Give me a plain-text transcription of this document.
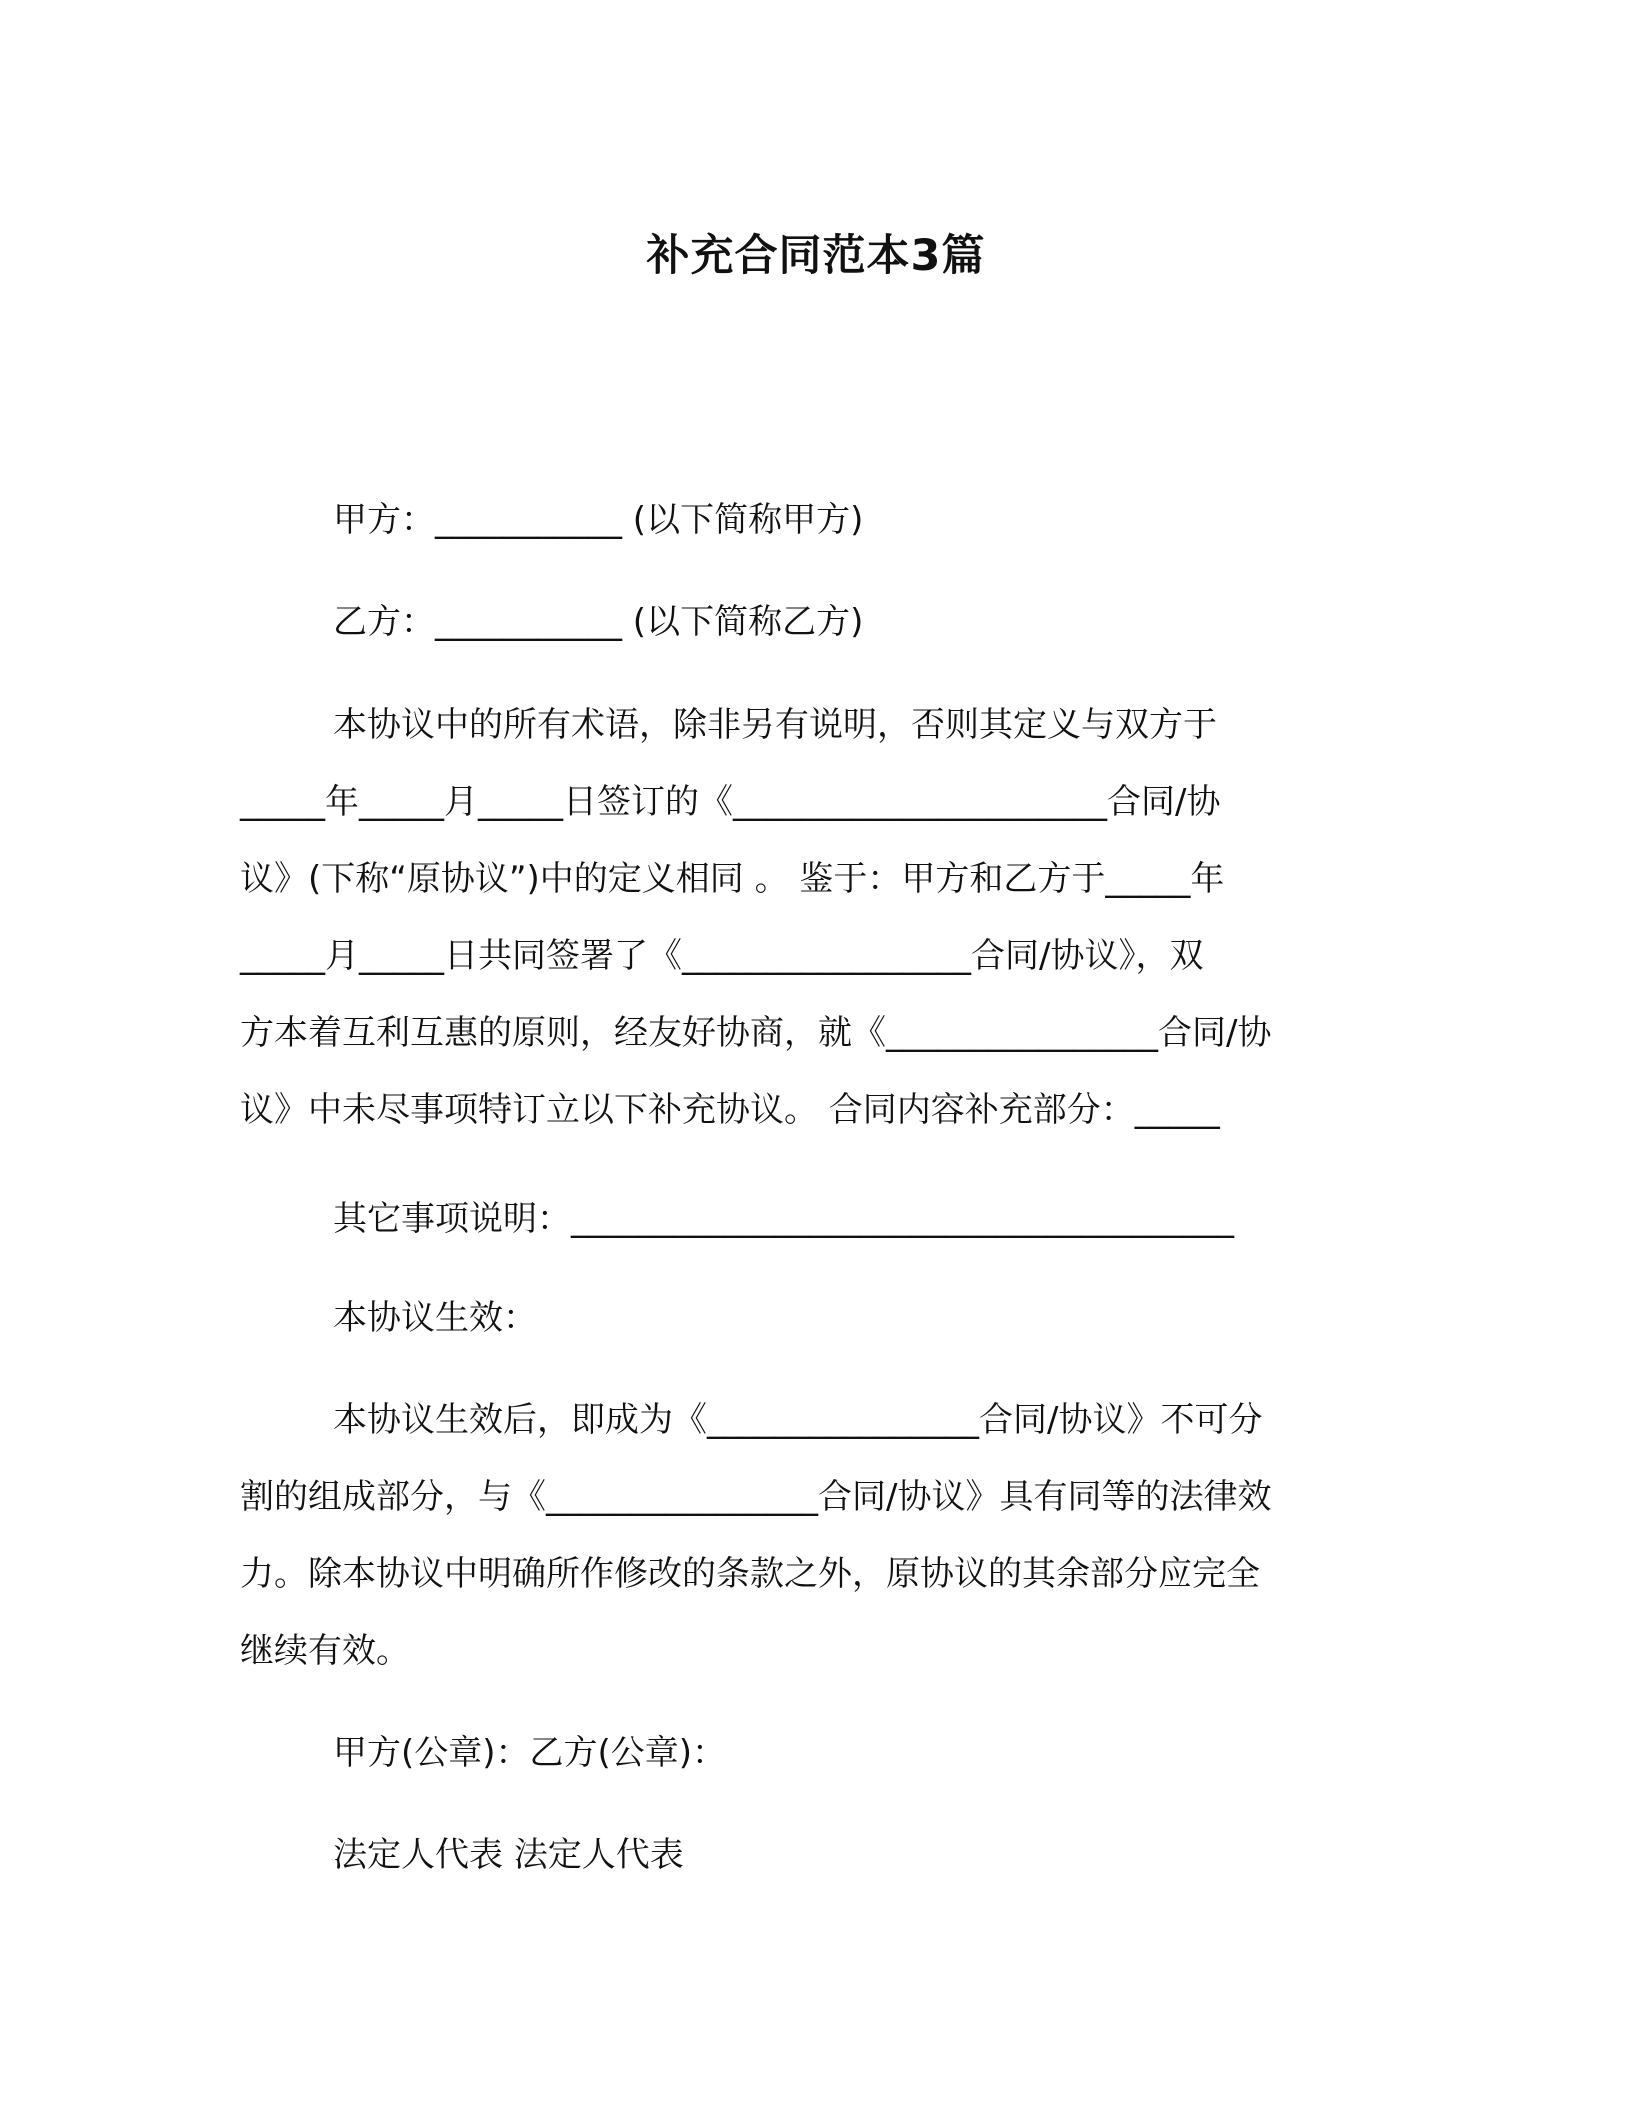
补充合同范本3篇
甲方：___________ (以下简称甲方)
乙方：___________ (以下简称乙方)
本协议中的所有术语，除非另有说明，否则其定义与双方于
_____年_____月_____日签订的《______________________合同/协
议》(下称“原协议”)中的定义相同 。 鉴于：甲方和乙方于_____年
_____月_____日共同签署了《_________________合同/协议》，双
方本着互利互惠的原则，经友好协商，就《________________合同/协
议》中未尽事项特订立以下补充协议。 合同内容补充部分：_____
其它事项说明：_______________________________________
本协议生效：
本协议生效后，即成为《________________合同/协议》不可分
割的组成部分，与《________________合同/协议》具有同等的法律效
力。除本协议中明确所作修改的条款之外，原协议的其余部分应完全
继续有效。
甲方(公章)：乙方(公章)：
法定人代表 法定人代表
